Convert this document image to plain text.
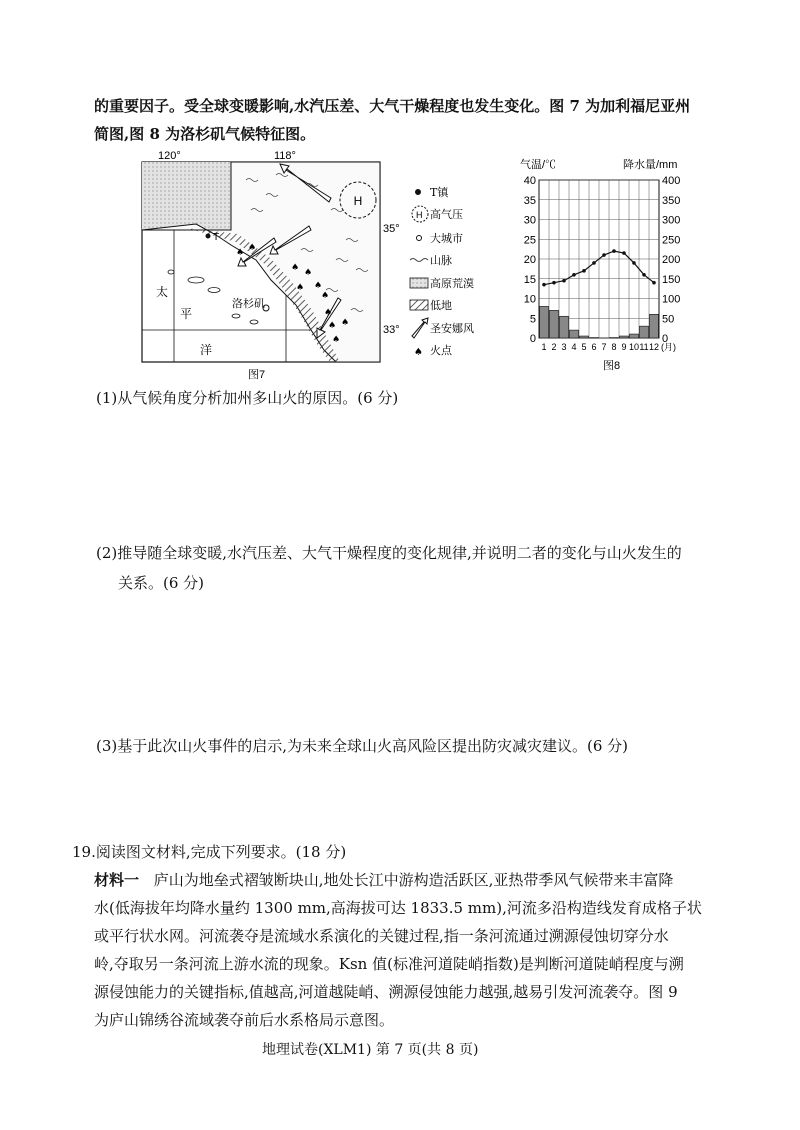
的重要因子。受全球变暖影响,水汽压差、大气干燥程度也发生变化。图 7 为加利福尼亚州
简图,图 8 为洛杉矶气候特征图。
H
♠ ♠
♠ ♠
♠
♠
♠
♠
♠
♠
♠
T
洛杉矶
太
平
洋
120°	118°
35°
33°
图7
T镇
H 高气压
大城市
山脉
高原荒漠
低地
圣安娜风
♠ 火点
气温/℃	降水量/mm
0
5
10
15
20
25
30
35
40
0
50
100
150
200
250
300
350
400
1 2 3 4 5 6 7 8 9 10 11 12 (月)
图8
(1)从气候角度分析加州多山火的原因。(6 分)
(2)推导随全球变暖,水汽压差、大气干燥程度的变化规律,并说明二者的变化与山火发生的
关系。(6 分)
(3)基于此次山火事件的启示,为未来全球山火高风险区提出防灾减灾建议。(6 分)
19.阅读图文材料,完成下列要求。(18 分)
材料一 庐山为地垒式褶皱断块山,地处长江中游构造活跃区,亚热带季风气候带来丰富降
水(低海拔年均降水量约 1300 mm,高海拔可达 1833.5 mm),河流多沿构造线发育成格子状
或平行状水网。河流袭夺是流域水系演化的关键过程,指一条河流通过溯源侵蚀切穿分水
岭,夺取另一条河流上游水流的现象。Ksn 值(标准河道陡峭指数)是判断河道陡峭程度与溯
源侵蚀能力的关键指标,值越高,河道越陡峭、溯源侵蚀能力越强,越易引发河流袭夺。图 9
为庐山锦绣谷流域袭夺前后水系格局示意图。
地理试卷(XLM1) 第 7 页(共 8 页)
